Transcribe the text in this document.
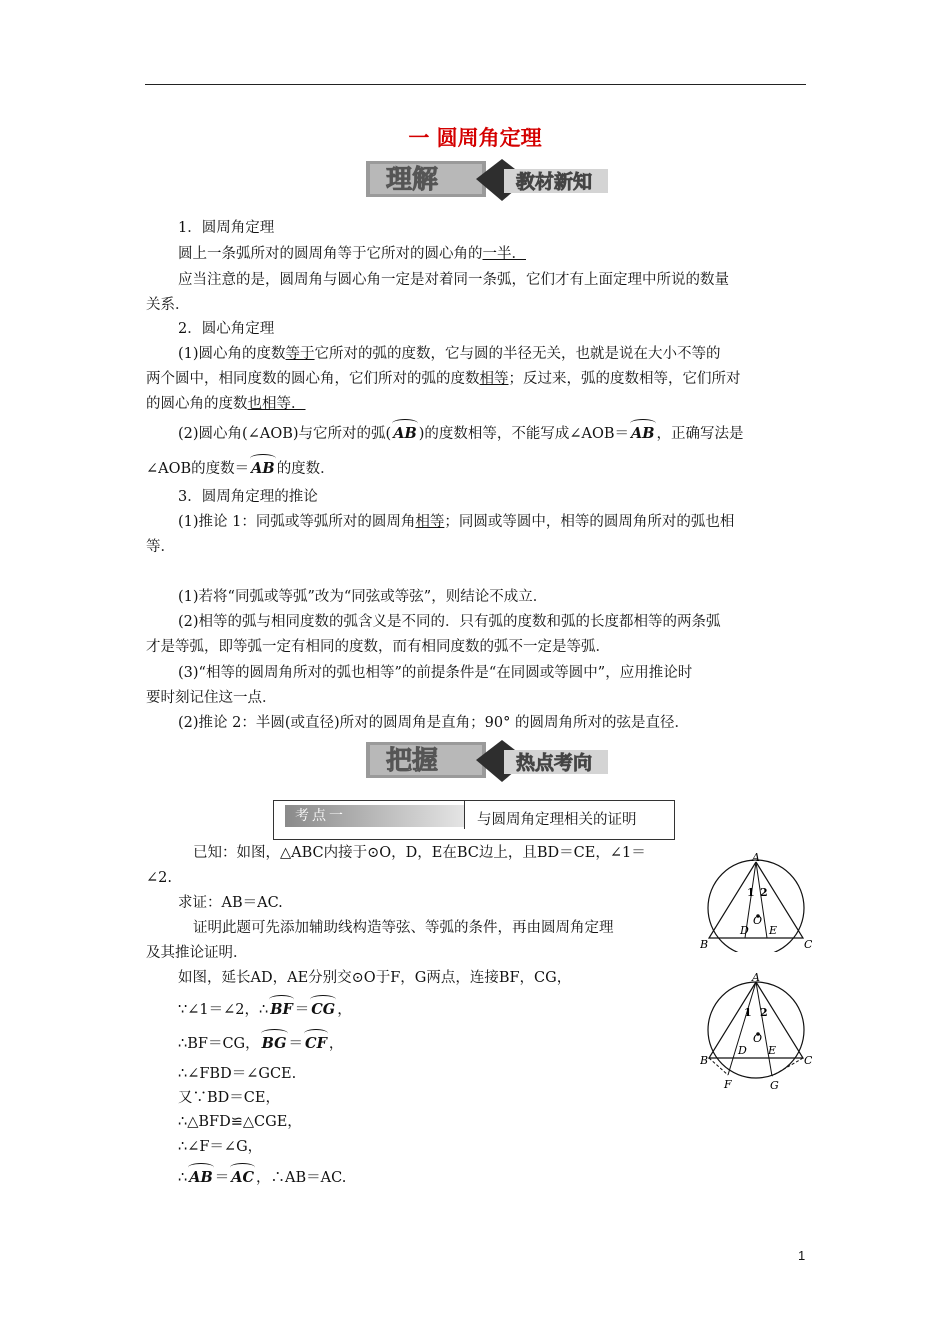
一 圆周角定理
理解	教材新知
1．圆周角定理
圆上一条弧所对的圆周角等于它所对的圆心角的一半．
应当注意的是，圆周角与圆心角一定是对着同一条弧，它们才有上面定理中所说的数量
关系．
2．圆心角定理
(1)圆心角的度数等于它所对的弧的度数，它与圆的半径无关，也就是说在大小不等的
两个圆中，相同度数的圆心角，它们所对的弧的度数相等；反过来，弧的度数相等，它们所对
的圆心角的度数也相等．
(2)圆心角(∠AOB)与它所对的弧( AB )的度数相等，不能写成∠AOB＝ AB ，正确写法是
∠AOB的度数＝ AB 的度数．
3．圆周角定理的推论
(1)推论 1：同弧或等弧所对的圆周角相等；同圆或等圆中，相等的圆周角所对的弧也相
等．
(1)若将“同弧或等弧”改为“同弦或等弦”，则结论不成立．
(2)相等的弧与相同度数的弧含义是不同的．只有弧的度数和弧的长度都相等的两条弧
才是等弧，即等弧一定有相同的度数，而有相同度数的弧不一定是等弧．
(3)“相等的圆周角所对的弧也相等”的前提条件是“在同圆或等圆中”，应用推论时
要时刻记住这一点．
(2)推论 2：半圆(或直径)所对的圆周角是直角；90° 的圆周角所对的弦是直径．
把握	热点考向
考点一	与圆周角定理相关的证明
已知：如图，△ABC内接于⊙O，D，E在BC边上，且BD＝CE，∠1＝
∠2.
求证：AB＝AC.
证明此题可先添加辅助线构造等弦、等弧的条件，再由圆周角定理
及其推论证明．
如图，延长AD，AE分别交⊙O于F，G两点，连接BF，CG，
∵∠1＝∠2，∴ BF ＝ CG ，
∴BF＝CG， BG ＝ CF ，
∴∠FBD＝∠GCE.
又∵BD＝CE，
∴△BFD≌△CGE，
∴∠F＝∠G，
∴ AB ＝ AC ，∴AB＝AC.
A
B	C
D E
O
1 2
A
B	C
D E
O
F	G
1 2
1
